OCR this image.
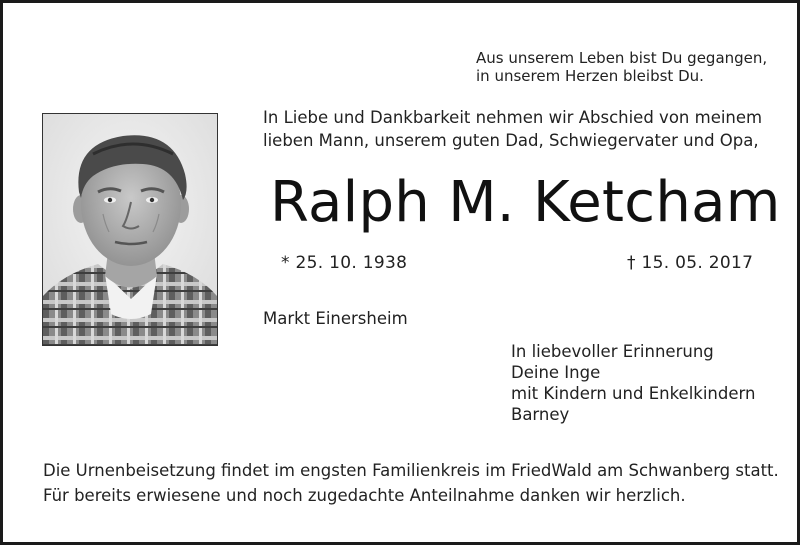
Aus unserem Leben bist Du gegangen,
in unserem Herzen bleibst Du.
In Liebe und Dankbarkeit nehmen wir Abschied von meinem
lieben Mann, unserem guten Dad, Schwiegervater und Opa,
Ralph M. Ketcham
* 25. 10. 1938	† 15. 05. 2017
Markt Einersheim
In liebevoller Erinnerung
Deine Inge
mit Kindern und Enkelkindern
Barney
Die Urnenbeisetzung findet im engsten Familienkreis im FriedWald am Schwanberg statt.
Für bereits erwiesene und noch zugedachte Anteilnahme danken wir herzlich.
